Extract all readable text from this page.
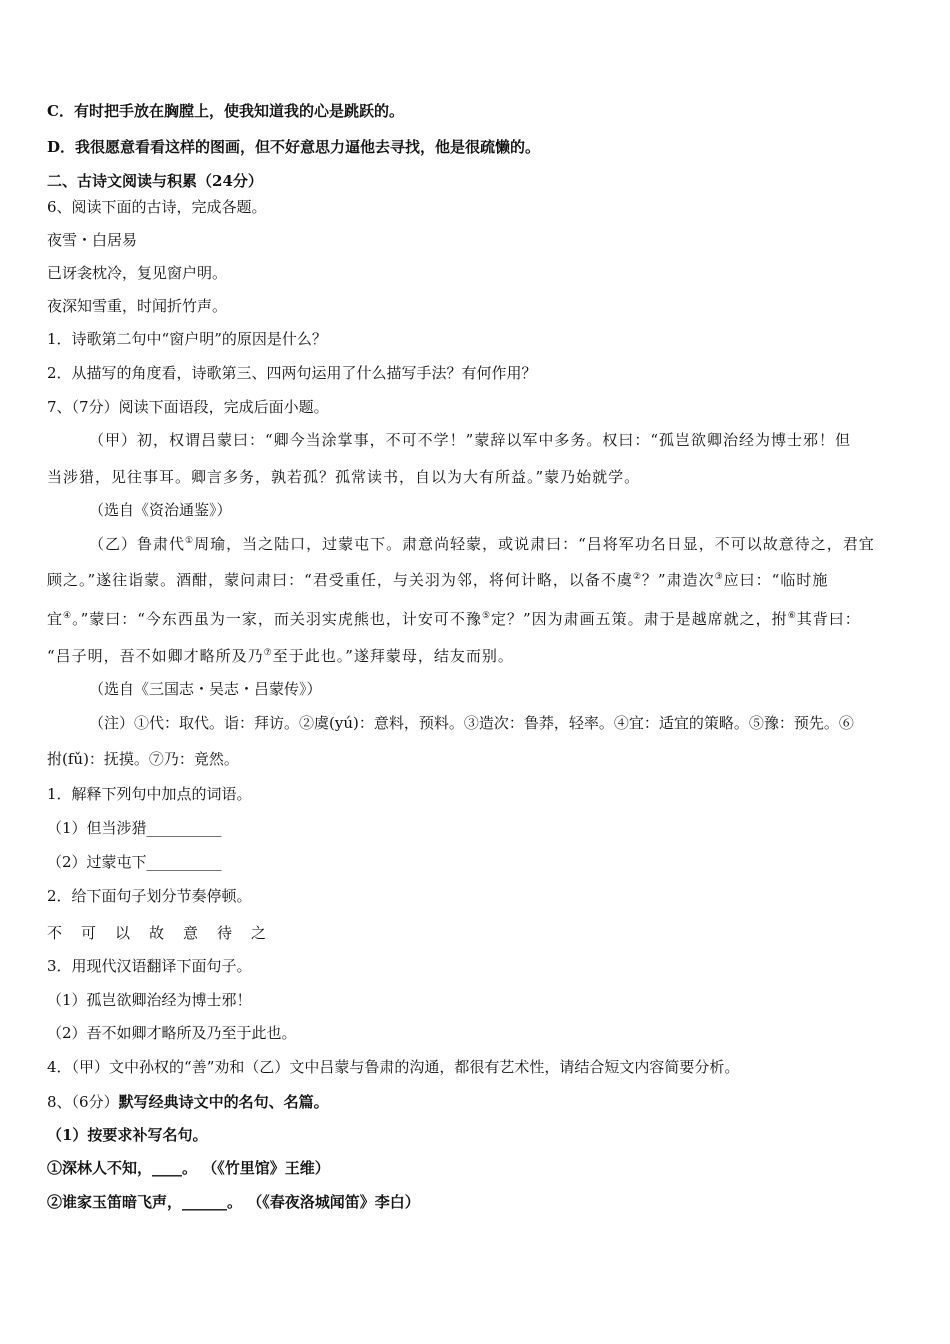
C．有时把手放在胸膛上，使我知道我的心是跳跃的。
D．我很愿意看看这样的图画，但不好意思力逼他去寻找，他是很疏懒的。
二、古诗文阅读与积累（24分）
6、阅读下面的古诗，完成各题。
夜雪・白居易
已讶衾枕冷，复见窗户明。
夜深知雪重，时闻折竹声。
1．诗歌第二句中“窗户明”的原因是什么？
2．从描写的角度看，诗歌第三、四两句运用了什么描写手法？有何作用？
7、（7分）阅读下面语段，完成后面小题。
（甲）初，权谓吕蒙曰：“卿今当涂掌事，不可不学！”蒙辞以军中多务。权曰：“孤岂欲卿治经为博士邪！但
当涉猎，见往事耳。卿言多务，孰若孤？孤常读书，自以为大有所益。”蒙乃始就学。
（选自《资治通鉴》）
（乙）鲁肃代①周瑜，当之陆口，过蒙屯下。肃意尚轻蒙，或说肃曰：“吕将军功名日显，不可以故意待之，君宜
顾之。”遂往诣蒙。酒酣，蒙问肃曰：“君受重任，与关羽为邻，将何计略，以备不虞②？”肃造次③应曰：“临时施
宜④。”蒙曰：“今东西虽为一家，而关羽实虎熊也，计安可不豫⑤定？”因为肃画五策。肃于是越席就之，拊⑥其背曰：
“吕子明，吾不如卿才略所及乃⑦至于此也。”遂拜蒙母，结友而别。
（选自《三国志・吴志・吕蒙传》）
（注）①代：取代。诣：拜访。②虞(yú)：意料，预料。③造次：鲁莽，轻率。④宜：适宜的策略。⑤豫：预先。⑥
拊(fǔ)：抚摸。⑦乃：竟然。
1．解释下列句中加点的词语。
（1）但当涉猎__________
（2）过蒙屯下__________
2．给下面句子划分节奏停顿。
不 可 以 故 意 待 之
3．用现代汉语翻译下面句子。
（1）孤岂欲卿治经为博士邪！
（2）吾不如卿才略所及乃至于此也。
4．（甲）文中孙权的“善”劝和（乙）文中吕蒙与鲁肃的沟通，都很有艺术性，请结合短文内容简要分析。
8、（6分）默写经典诗文中的名句、名篇。
（1）按要求补写名句。
①深林人不知，____。 （《竹里馆》王维）
②谁家玉笛暗飞声，______。 （《春夜洛城闻笛》李白）
